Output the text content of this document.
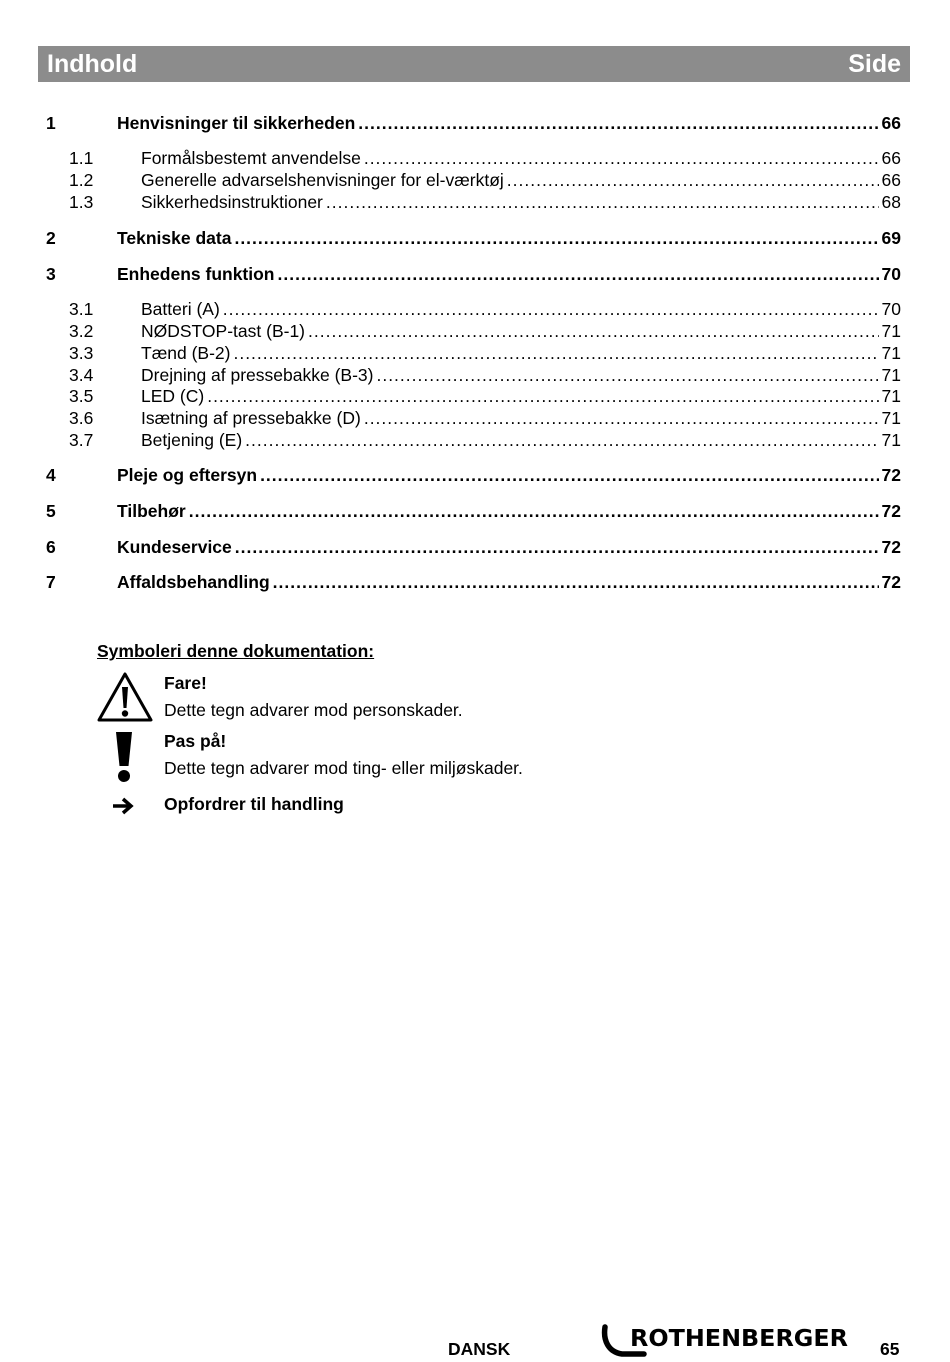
Indhold	Side
1	Henvisninger til sikkerheden .....	66
1.1	Formålsbestemt anvendelse .....	66
1.2	Generelle advarselshenvisninger for el-værktøj .....	66
1.3	Sikkerhedsinstruktioner .....	68
2	Tekniske data .....	69
3	Enhedens funktion .....	70
3.1	Batteri (A) .....	70
3.2	NØDSTOP-tast (B-1) .....	71
3.3	Tænd (B-2) .....	71
3.4	Drejning af pressebakke (B-3) .....	71
3.5	LED (C) .....	71
3.6	Isætning af pressebakke (D) .....	71
3.7	Betjening (E) .....	71
4	Pleje og eftersyn .....	72
5	Tilbehør .....	72
6	Kundeservice .....	72
7	Affaldsbehandling .....	72
Symboleri denne dokumentation:
Fare!
Dette tegn advarer mod personskader.
Pas på!
Dette tegn advarer mod ting- eller miljøskader.
Opfordrer til handling
DANSK	ROTHENBERGER 65
